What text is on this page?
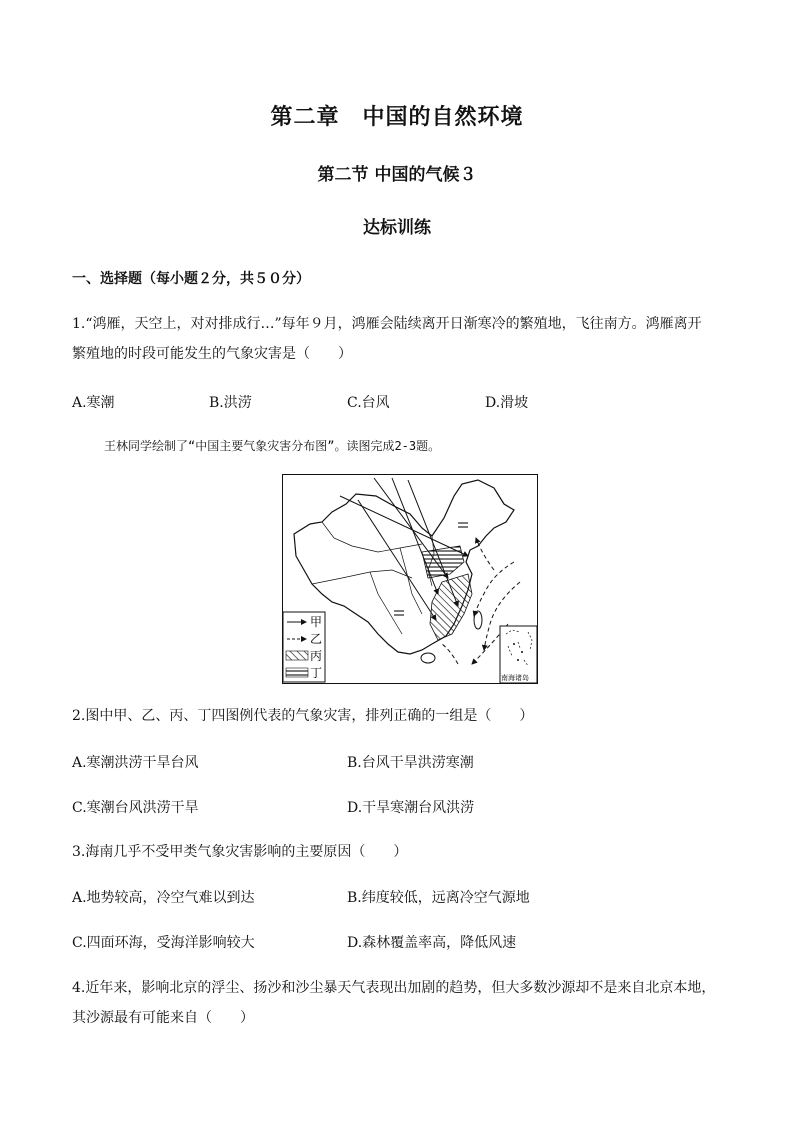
第二章　中国的自然环境
第二节 中国的气候３
达标训练
一、选择题（每小题２分，共５０分）
1.“鸿雁，天空上，对对排成行…”每年９月，鸿雁会陆续离开日渐寒冷的繁殖地，飞往南方。鸿雁离开
繁殖地的时段可能发生的气象灾害是（　　）
A.寒潮	B.洪涝	C.台风	D.滑坡
王林同学绘制了“中国主要气象灾害分布图”。读图完成2-3题。
甲
乙
丙
丁	南海诸岛
2.图中甲、乙、丙、丁四图例代表的气象灾害，排列正确的一组是（　　）
A.寒潮洪涝干旱台风	B.台风干旱洪涝寒潮
C.寒潮台风洪涝干旱	D.干旱寒潮台风洪涝
3.海南几乎不受甲类气象灾害影响的主要原因（　　）
A.地势较高，冷空气难以到达	B.纬度较低，远离冷空气源地
C.四面环海，受海洋影响较大	D.森林覆盖率高，降低风速
4.近年来，影响北京的浮尘、扬沙和沙尘暴天气表现出加剧的趋势，但大多数沙源却不是来自北京本地，
其沙源最有可能来自（　　）
